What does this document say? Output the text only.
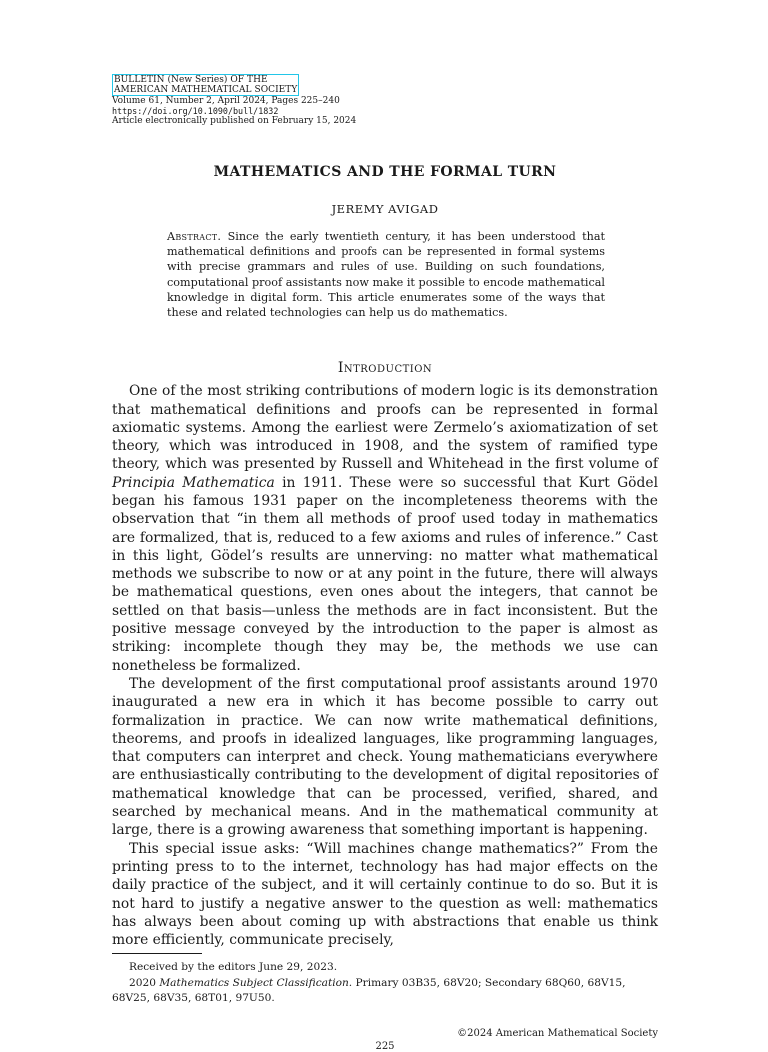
BULLETIN (New Series) OF THE
AMERICAN MATHEMATICAL SOCIETY
Volume 61, Number 2, April 2024, Pages 225–240
https://doi.org/10.1090/bull/1832
Article electronically published on February 15, 2024
MATHEMATICS AND THE FORMAL TURN
JEREMY AVIGAD
Abstract. Since the early twentieth century, it has been understood that mathematical definitions and proofs can be represented in formal systems with precise grammars and rules of use. Building on such foundations, computational proof assistants now make it possible to encode mathematical knowledge in digital form. This article enumerates some of the ways that these and related technologies can help us do mathematics.
Introduction

One of the most striking contributions of modern logic is its demonstration that mathematical definitions and proofs can be represented in formal axiomatic systems. Among the earliest were Zermelo’s axiomatization of set theory, which was introduced in 1908, and the system of ramified type theory, which was presented by Russell and Whitehead in the first volume of Principia Mathematica in 1911. These were so successful that Kurt Gödel began his famous 1931 paper on the incompleteness theorems with the observation that “in them all methods of proof used today in mathematics are formalized, that is, reduced to a few axioms and rules of inference.” Cast in this light, Gödel’s results are unnerving: no matter what mathematical methods we subscribe to now or at any point in the future, there will always be mathematical questions, even ones about the integers, that cannot be settled on that basis—unless the methods are in fact inconsistent. But the positive message conveyed by the introduction to the paper is almost as striking: incomplete though they may be, the methods we use can nonetheless be formalized.

The development of the first computational proof assistants around 1970 inaugurated a new era in which it has become possible to carry out formalization in practice. We can now write mathematical definitions, theorems, and proofs in idealized languages, like programming languages, that computers can interpret and check. Young mathematicians everywhere are enthusiastically contributing to the development of digital repositories of mathematical knowledge that can be processed, verified, shared, and searched by mechanical means. And in the mathematical community at large, there is a growing awareness that something important is happening.

This special issue asks: “Will machines change mathematics?” From the printing press to to the internet, technology has had major effects on the daily practice of the subject, and it will certainly continue to do so. But it is not hard to justify a negative answer to the question as well: mathematics has always been about coming up with abstractions that enable us think more efficiently, communicate precisely,

Received by the editors June 29, 2023.

2020 Mathematics Subject Classification. Primary 03B35, 68V20; Secondary 68Q60, 68V15, 68V25, 68V35, 68T01, 97U50.

©2024 American Mathematical Society
225
